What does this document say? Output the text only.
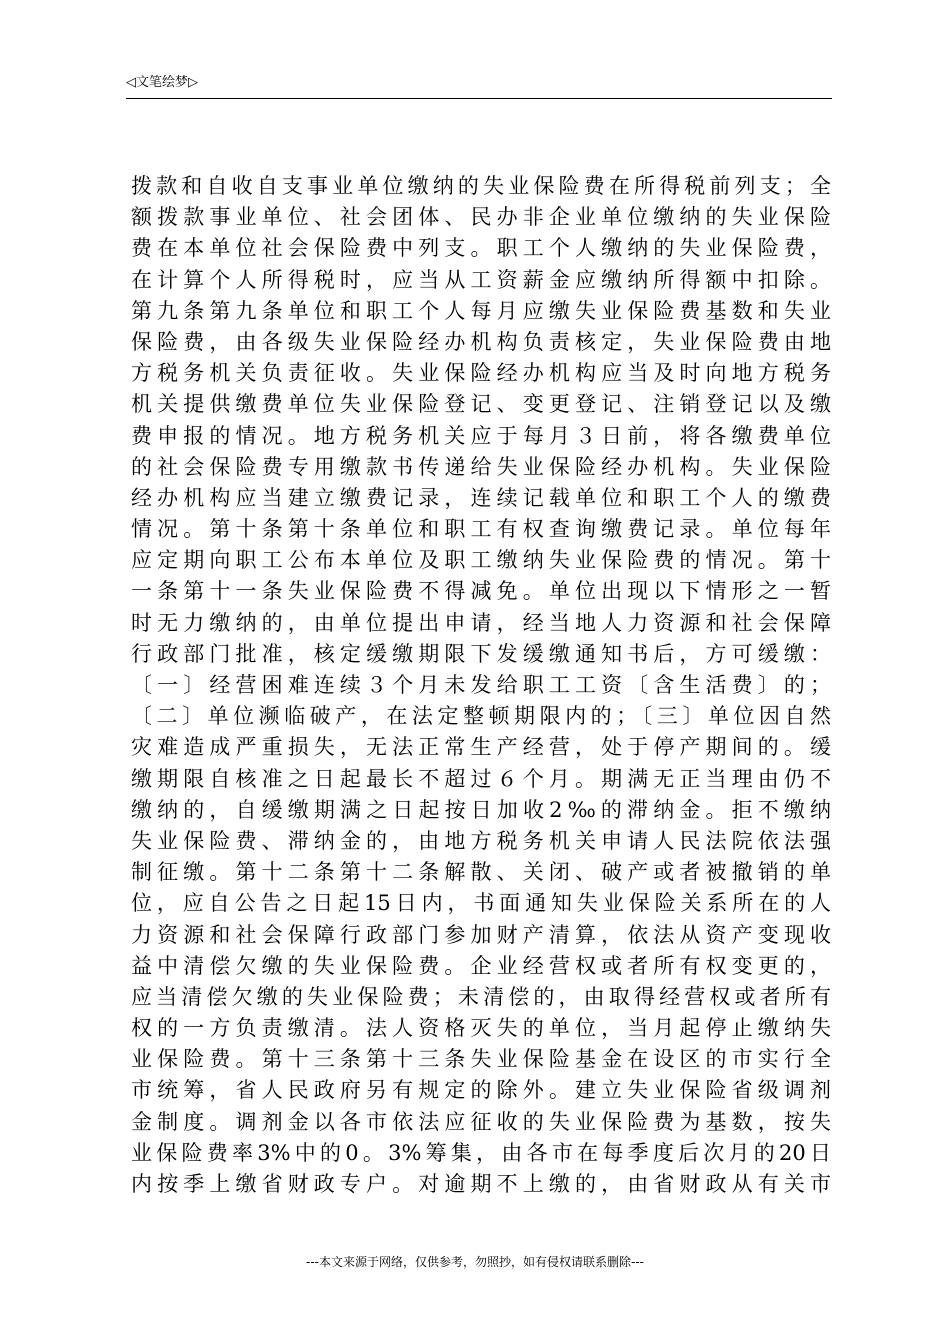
◁文笔绘梦▷
拨款和自收自支事业单位缴纳的失业保险费在所得税前列支；全
额拨款事业单位、社会团体、民办非企业单位缴纳的失业保险
费在本单位社会保险费中列支。职工个人缴纳的失业保险费，
在计算个人所得税时，应当从工资薪金应缴纳所得额中扣除。
第九条第九条单位和职工个人每月应缴失业保险费基数和失业
保险费，由各级失业保险经办机构负责核定，失业保险费由地
方税务机关负责征收。失业保险经办机构应当及时向地方税务
机关提供缴费单位失业保险登记、变更登记、注销登记以及缴
费申报的情况。地方税务机关应于每月３日前，将各缴费单位
的社会保险费专用缴款书传递给失业保险经办机构。失业保险
经办机构应当建立缴费记录，连续记载单位和职工个人的缴费
情况。第十条第十条单位和职工有权查询缴费记录。单位每年
应定期向职工公布本单位及职工缴纳失业保险费的情况。第十
一条第十一条失业保险费不得减免。单位出现以下情形之一暂
时无力缴纳的，由单位提出申请，经当地人力资源和社会保障
行政部门批准，核定缓缴期限下发缓缴通知书后，方可缓缴：
〔一〕经营困难连续３个月未发给职工工资〔含生活费〕的；
〔二〕单位濒临破产，在法定整顿期限内的；〔三〕单位因自然
灾难造成严重损失，无法正常生产经营，处于停产期间的。缓
缴期限自核准之日起最长不超过６个月。期满无正当理由仍不
缴纳的，自缓缴期满之日起按日加收2‰的滞纳金。拒不缴纳
失业保险费、滞纳金的，由地方税务机关申请人民法院依法强
制征缴。第十二条第十二条解散、关闭、破产或者被撤销的单
位，应自公告之日起15日内，书面通知失业保险关系所在的人
力资源和社会保障行政部门参加财产清算，依法从资产变现收
益中清偿欠缴的失业保险费。企业经营权或者所有权变更的，
应当清偿欠缴的失业保险费；未清偿的，由取得经营权或者所有
权的一方负责缴清。法人资格灭失的单位，当月起停止缴纳失
业保险费。第十三条第十三条失业保险基金在设区的市实行全
市统筹，省人民政府另有规定的除外。建立失业保险省级调剂
金制度。调剂金以各市依法应征收的失业保险费为基数，按失
业保险费率3%中的0。3%筹集，由各市在每季度后次月的20日
内按季上缴省财政专户。对逾期不上缴的，由省财政从有关市
---本文来源于网络，仅供参考，勿照抄，如有侵权请联系删除---
